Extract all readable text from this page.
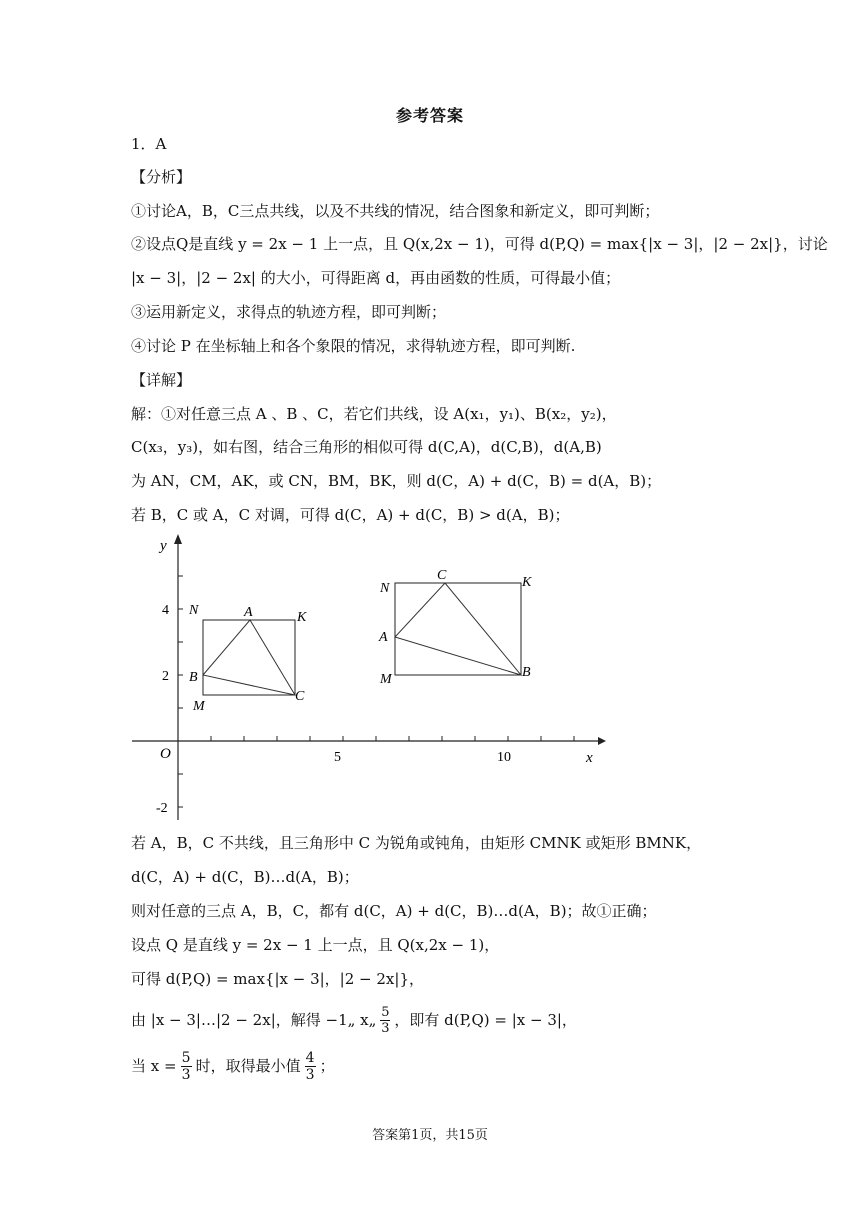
参考答案
1．A
【分析】
①讨论A，B，C三点共线，以及不共线的情况，结合图象和新定义，即可判断；
②设点Q是直线 y = 2x − 1 上一点，且 Q(x,2x − 1)，可得 d(P,Q) = max{|x − 3|，|2 − 2x|}，讨论
|x − 3|，|2 − 2x| 的大小，可得距离 d，再由函数的性质，可得最小值；
③运用新定义，求得点的轨迹方程，即可判断；
④讨论 P 在坐标轴上和各个象限的情况，求得轨迹方程，即可判断.
【详解】
解：①对任意三点 A 、B 、C，若它们共线，设 A(x₁，y₁)、B(x₂，y₂)，
C(x₃，y₃)，如右图，结合三角形的相似可得 d(C,A)，d(C,B)，d(A,B)
为 AN，CM，AK，或 CN，BM，BK，则 d(C，A) + d(C，B) = d(A，B)；
若 B，C 或 A，C 对调，可得 d(C，A) + d(C，B) > d(A，B)；
y
x
O	5	10
4
2
-2
N	A	K
B
C
M
N
C	K
A
B
M
若 A，B，C 不共线，且三角形中 C 为锐角或钝角，由矩形 CMNK 或矩形 BMNK，
d(C，A) + d(C，B)…d(A，B)；
则对任意的三点 A，B，C，都有 d(C，A) + d(C，B)…d(A，B)；故①正确；
设点 Q 是直线 y = 2x − 1 上一点，且 Q(x,2x − 1)，
可得 d(P,Q) = max{|x − 3|，|2 − 2x|}，
由 |x − 3|…|2 − 2x|，解得 −1„ x„ 5
3 ，即有 d(P,Q) = |x − 3|，
当 x = 5
3 时，取得最小值 4
3 ；
答案第1页，共15页
